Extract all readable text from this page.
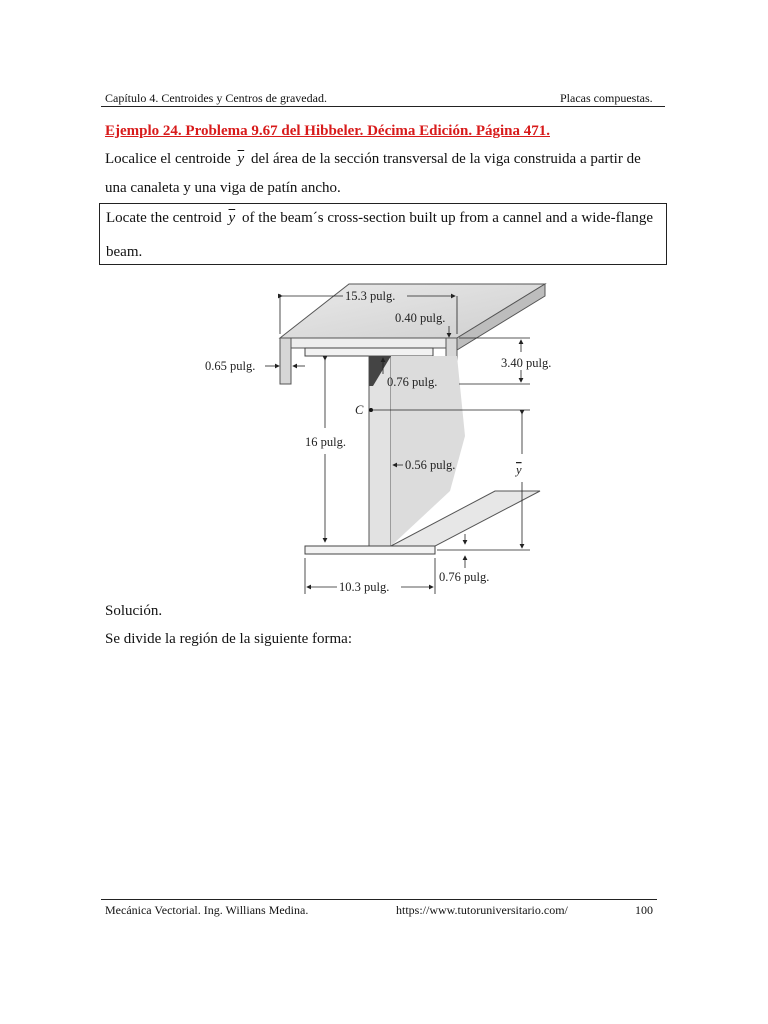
Capítulo 4. Centroides y Centros de gravedad.	Placas compuestas.
Ejemplo 24. Problema 9.67 del Hibbeler. Décima Edición. Página 471.
Localice el centroide $\overline{y}$ del área de la sección transversal de la viga construida a partir de
una canaleta y una viga de patín ancho.
Locate the centroid $\overline{y}$ of the beam´s cross-section built up from a cannel and a wide-flange
beam.
15.3 pulg.
0.40 pulg.
0.65 pulg.	3.40 pulg.
0.76 pulg.
C
16 pulg.
0.56 pulg.	y
10.3 pulg.
0.76 pulg.
Solución.
Se divide la región de la siguiente forma:
Mecánica Vectorial. Ing. Willians Medina.	https://www.tutoruniversitario.com/	100
